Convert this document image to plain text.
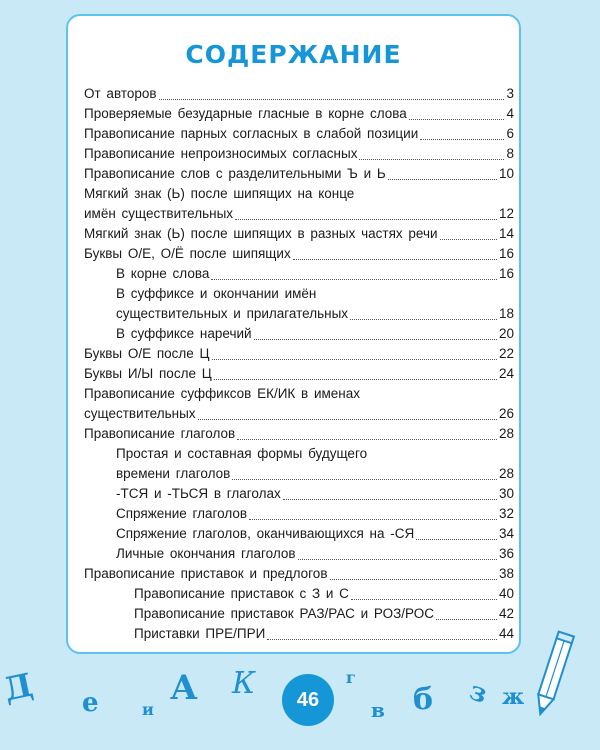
СОДЕРЖАНИЕ
От авторов	3
Проверяемые безударные гласные в корне слова	4
Правописание парных согласных в слабой позиции	6
Правописание непроизносимых согласных	8
Правописание слов с разделительными Ъ и Ь	10
Мягкий знак (Ь) после шипящих на конце
имён существительных	12
Мягкий знак (Ь) после шипящих в разных частях речи	14
Буквы О/Е, О/Ё после шипящих	16
В корне слова	16
В суффиксе и окончании имён
существительных и прилагательных	18
В суффиксе наречий	20
Буквы О/Е после Ц	22
Буквы И/Ы после Ц	24
Правописание суффиксов ЕК/ИК в именах
существительных	26
Правописание глаголов	28
Простая и составная формы будущего
времени глаголов	28
-ТСЯ и -ТЬСЯ в глаголах	30
Спряжение глаголов	32
Спряжение глаголов, оканчивающихся на -СЯ	34
Личные окончания глаголов	36
Правописание приставок и предлогов	38
Правописание приставок с З и С	40
Правописание приставок РАЗ/РАС и РОЗ/РОС	42
Приставки ПРЕ/ПРИ	44
Д е	и
А К
в
г
б з ж
46
